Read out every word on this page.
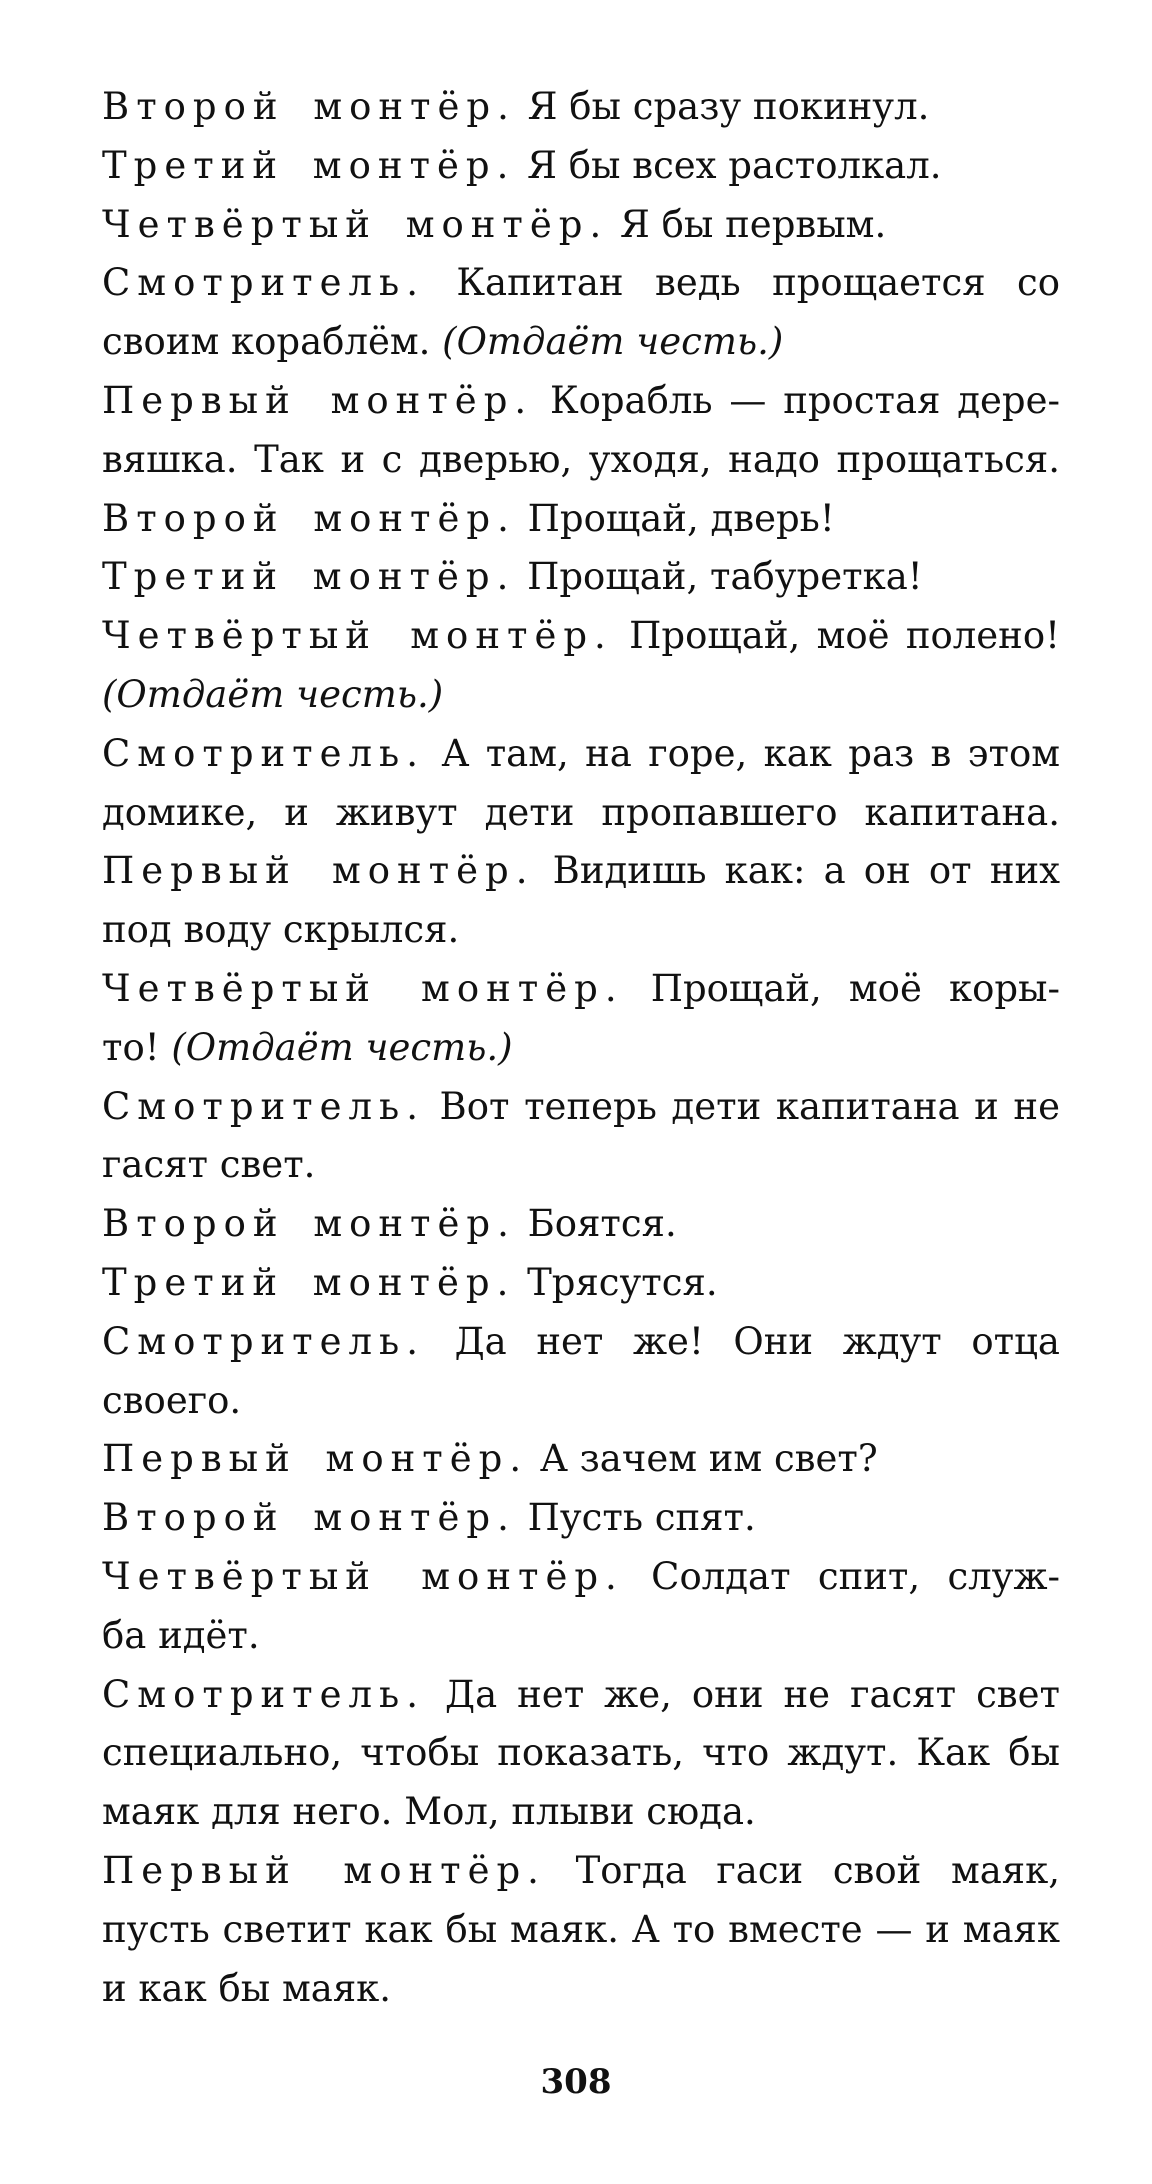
Второй монтёр. Я бы сразу покинул.
Третий монтёр. Я бы всех растолкал.
Четвёртый монтёр. Я бы первым.
Смотритель. Капитан ведь прощается со
своим кораблём. (Отдаёт честь.)
Первый монтёр. Корабль — простая дере-
вяшка. Так и с дверью, уходя, надо прощаться.
Второй монтёр. Прощай, дверь!
Третий монтёр. Прощай, табуретка!
Четвёртый монтёр. Прощай, моё полено!
(Отдаёт честь.)
Смотритель. А там, на горе, как раз в этом
домике, и живут дети пропавшего капитана.
Первый монтёр. Видишь как: а он от них
под воду скрылся.
Четвёртый монтёр. Прощай, моё коры-
то! (Отдаёт честь.)
Смотритель. Вот теперь дети капитана и не
гасят свет.
Второй монтёр. Боятся.
Третий монтёр. Трясутся.
Смотритель. Да нет же! Они ждут отца
своего.
Первый монтёр. А зачем им свет?
Второй монтёр. Пусть спят.
Четвёртый монтёр. Солдат спит, служ-
ба идёт.
Смотритель. Да нет же, они не гасят свет
специально, чтобы показать, что ждут. Как бы
маяк для него. Мол, плыви сюда.
Первый монтёр. Тогда гаси свой маяк,
пусть светит как бы маяк. А то вместе — и маяк
и как бы маяк.
308
